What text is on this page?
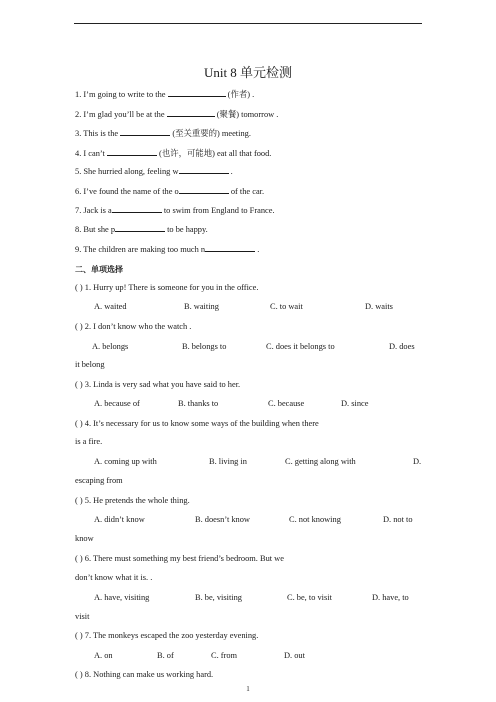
Unit 8 单元检测
1. I’m going to write to the	(作者) .
2. I’m glad you’ll be at the	(聚餐) tomorrow .
3. This is the	(至关重要的) meeting.
4. I can’t	(也许，可能地) eat all that food.
5. She hurried along, feeling w	.
6. I’ve found the name of the o	of the car.
7. Jack is a	to swim from England to France.
8. But she p	to be happy.
9. The children are making too much n	.
二、单项选择
( ) 1. Hurry up! There is someone for you in the office.
A. waited	B. waiting	C. to wait	D. waits
( ) 2. I don’t know who the watch .
A. belongs	B. belongs to	C. does it belongs to	D. does
it belong
( ) 3. Linda is very sad what you have said to her.
A. because of	B. thanks to	C. because	D. since
( ) 4. It’s necessary for us to know some ways of the building when there
is a fire.
A. coming up with	B. living in	C. getting along with	D.
escaping from
( ) 5. He pretends the whole thing.
A. didn’t know	B. doesn’t know	C. not knowing	D. not to
know
( ) 6. There must something my best friend’s bedroom. But we
don’t know what it is. .
A. have, visiting	B. be, visiting	C. be, to visit	D. have, to
visit
( ) 7. The monkeys escaped the zoo yesterday evening.
A. on	B. of	C. from	D. out
( ) 8. Nothing can make us working hard.
1
